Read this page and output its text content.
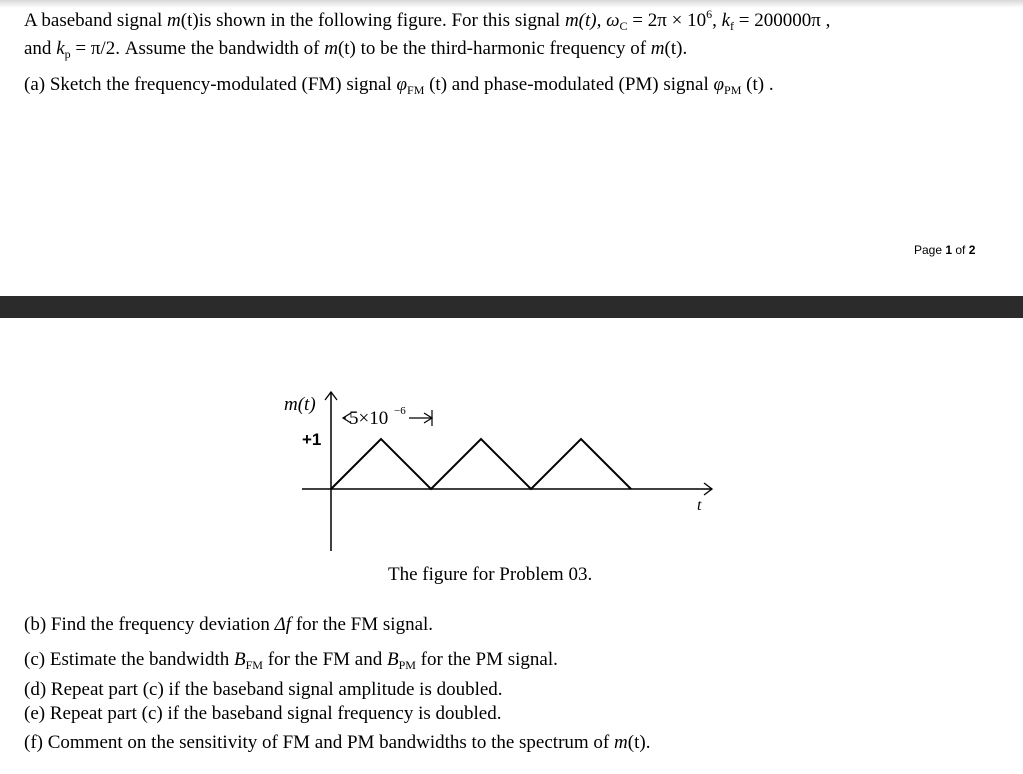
A baseband signal m(t)is shown in the following figure. For this signal m(t), $\omega_C = 2\pi \times 10^6$, $k_f = 200000\pi$ ,
and $k_p = \pi/2$. Assume the bandwidth of m(t) to be the third-harmonic frequency of m(t).
(a) Sketch the frequency-modulated (FM) signal $\varphi_{FM}$ (t) and phase-modulated (PM) signal $\varphi_{PM}$ (t) .
Page 1 of 2
m(t)
+1
5×10 −6
t
The figure for Problem 03.
(b) Find the frequency deviation Δf for the FM signal.
(c) Estimate the bandwidth $B_{FM}$ for the FM and $B_{PM}$ for the PM signal.
(d) Repeat part (c) if the baseband signal amplitude is doubled.
(e) Repeat part (c) if the baseband signal frequency is doubled.
(f) Comment on the sensitivity of FM and PM bandwidths to the spectrum of m(t).
